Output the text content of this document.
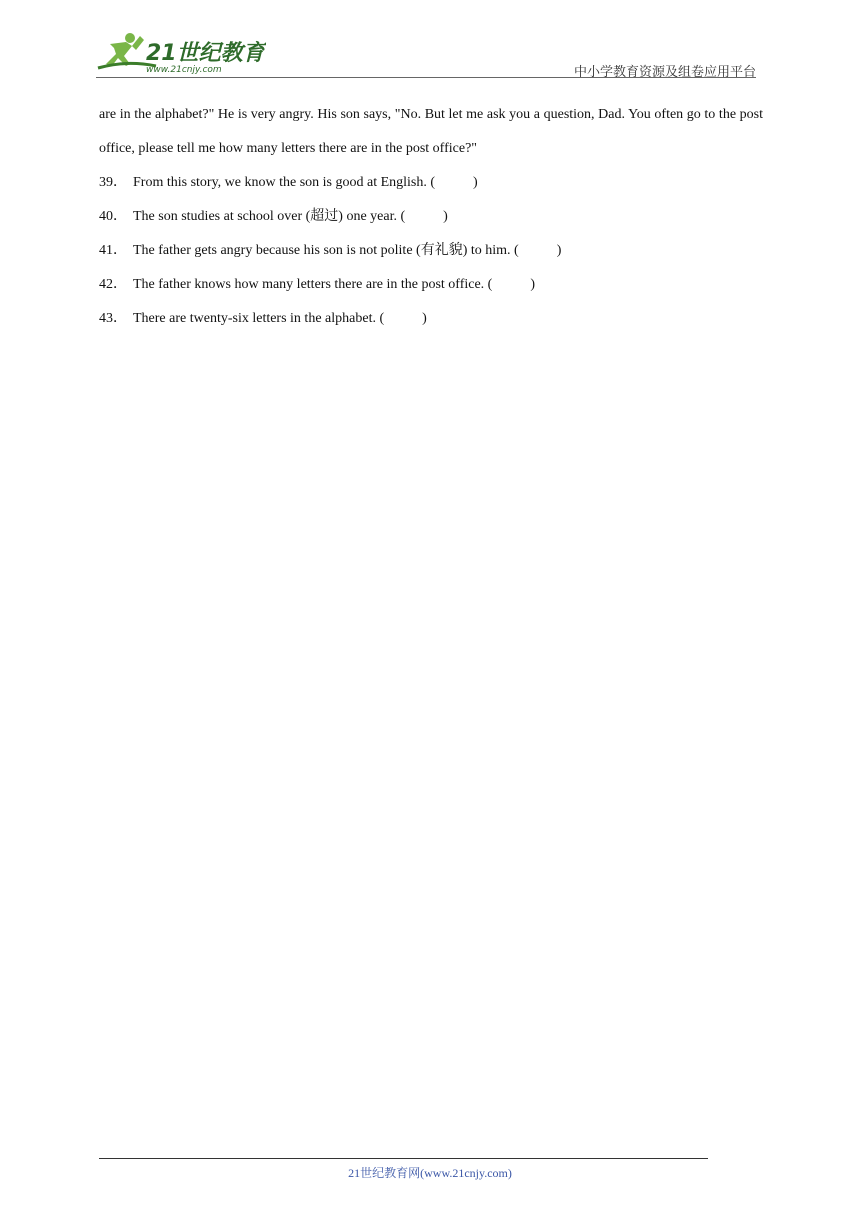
21世纪教育
www.21cnjy.com	中小学教育资源及组卷应用平台

are in the alphabet?" He is very angry. His son says, "No. But let me ask you a question, Dad. You often go to the post office, please tell me how many letters there are in the post office?"

39． From this story, we know the son is good at English. (	)
40． The son studies at school over (超过) one year. (	)
41． The father gets angry because his son is not polite (有礼貌) to him. (	)
42． The father knows how many letters there are in the post office. (	)
43． There are twenty-six letters in the alphabet. (	)
21世纪教育网(www.21cnjy.com)
